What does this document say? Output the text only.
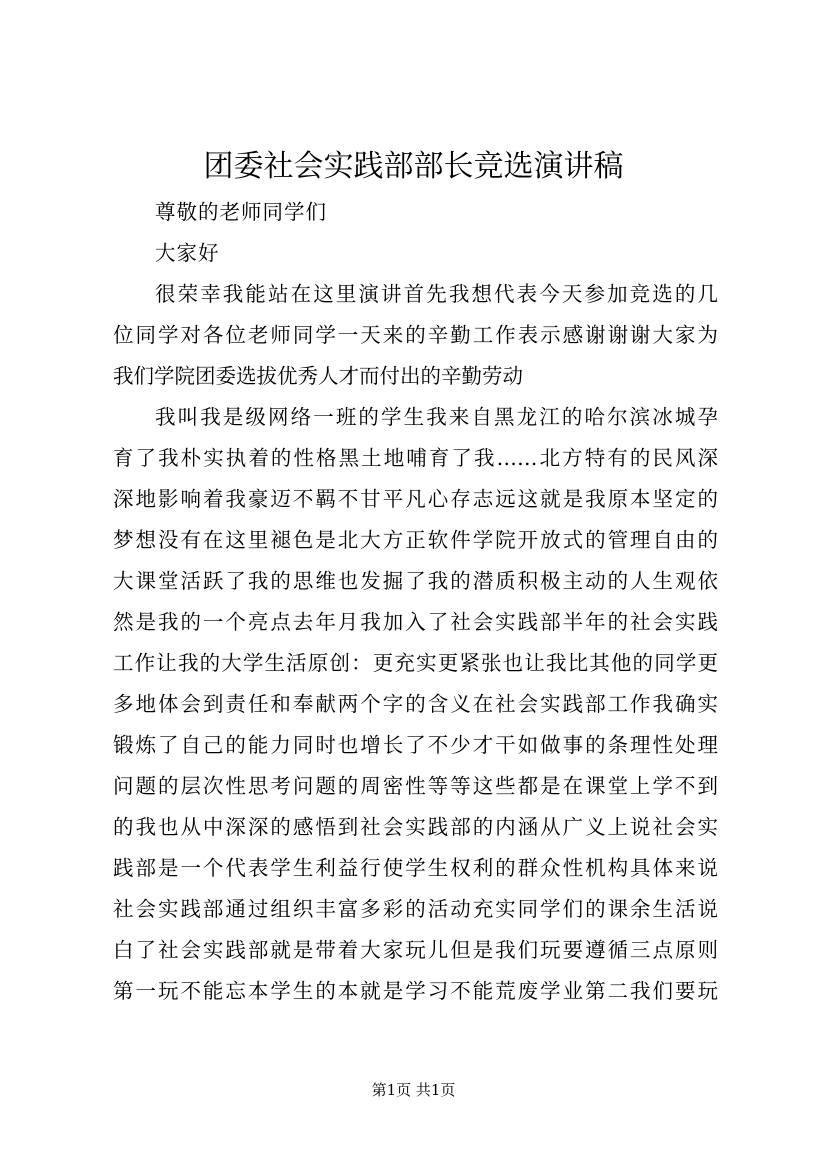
团委社会实践部部长竞选演讲稿
尊敬的老师同学们
大家好
很荣幸我能站在这里演讲首先我想代表今天参加竞选的几
位同学对各位老师同学一天来的辛勤工作表示感谢谢谢大家为
我们学院团委选拔优秀人才而付出的辛勤劳动
我叫我是级网络一班的学生我来自黑龙江的哈尔滨冰城孕
育了我朴实执着的性格黑土地哺育了我……北方特有的民风深
深地影响着我豪迈不羁不甘平凡心存志远这就是我原本坚定的
梦想没有在这里褪色是北大方正软件学院开放式的管理自由的
大课堂活跃了我的思维也发掘了我的潜质积极主动的人生观依
然是我的一个亮点去年月我加入了社会实践部半年的社会实践
工作让我的大学生活原创：更充实更紧张也让我比其他的同学更
多地体会到责任和奉献两个字的含义在社会实践部工作我确实
锻炼了自己的能力同时也增长了不少才干如做事的条理性处理
问题的层次性思考问题的周密性等等这些都是在课堂上学不到
的我也从中深深的感悟到社会实践部的内涵从广义上说社会实
践部是一个代表学生利益行使学生权利的群众性机构具体来说
社会实践部通过组织丰富多彩的活动充实同学们的课余生活说
白了社会实践部就是带着大家玩儿但是我们玩要遵循三点原则
第一玩不能忘本学生的本就是学习不能荒废学业第二我们要玩
第1页 共1页
